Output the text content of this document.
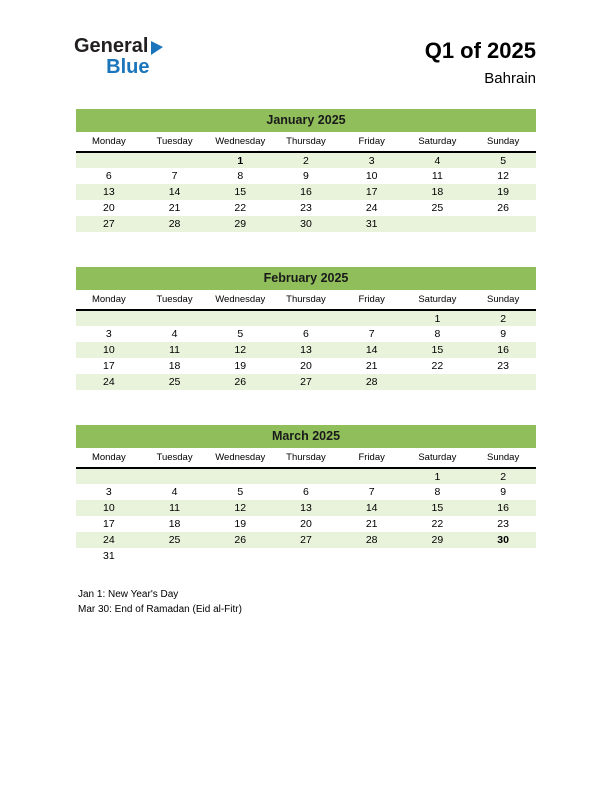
General
Blue
Q1 of 2025
Bahrain
January 2025
Monday	Tuesday	Wednesday	Thursday	Friday	Saturday	Sunday
		1	2	3	4	5
6	7	8	9	10	11	12
13	14	15	16	17	18	19
20	21	22	23	24	25	26
27	28	29	30	31		
February 2025
Monday	Tuesday	Wednesday	Thursday	Friday	Saturday	Sunday
					1	2
3	4	5	6	7	8	9
10	11	12	13	14	15	16
17	18	19	20	21	22	23
24	25	26	27	28		
March 2025
Monday	Tuesday	Wednesday	Thursday	Friday	Saturday	Sunday
					1	2
3	4	5	6	7	8	9
10	11	12	13	14	15	16
17	18	19	20	21	22	23
24	25	26	27	28	29	30
31						
Jan 1: New Year's Day
Mar 30: End of Ramadan (Eid al-Fitr)
